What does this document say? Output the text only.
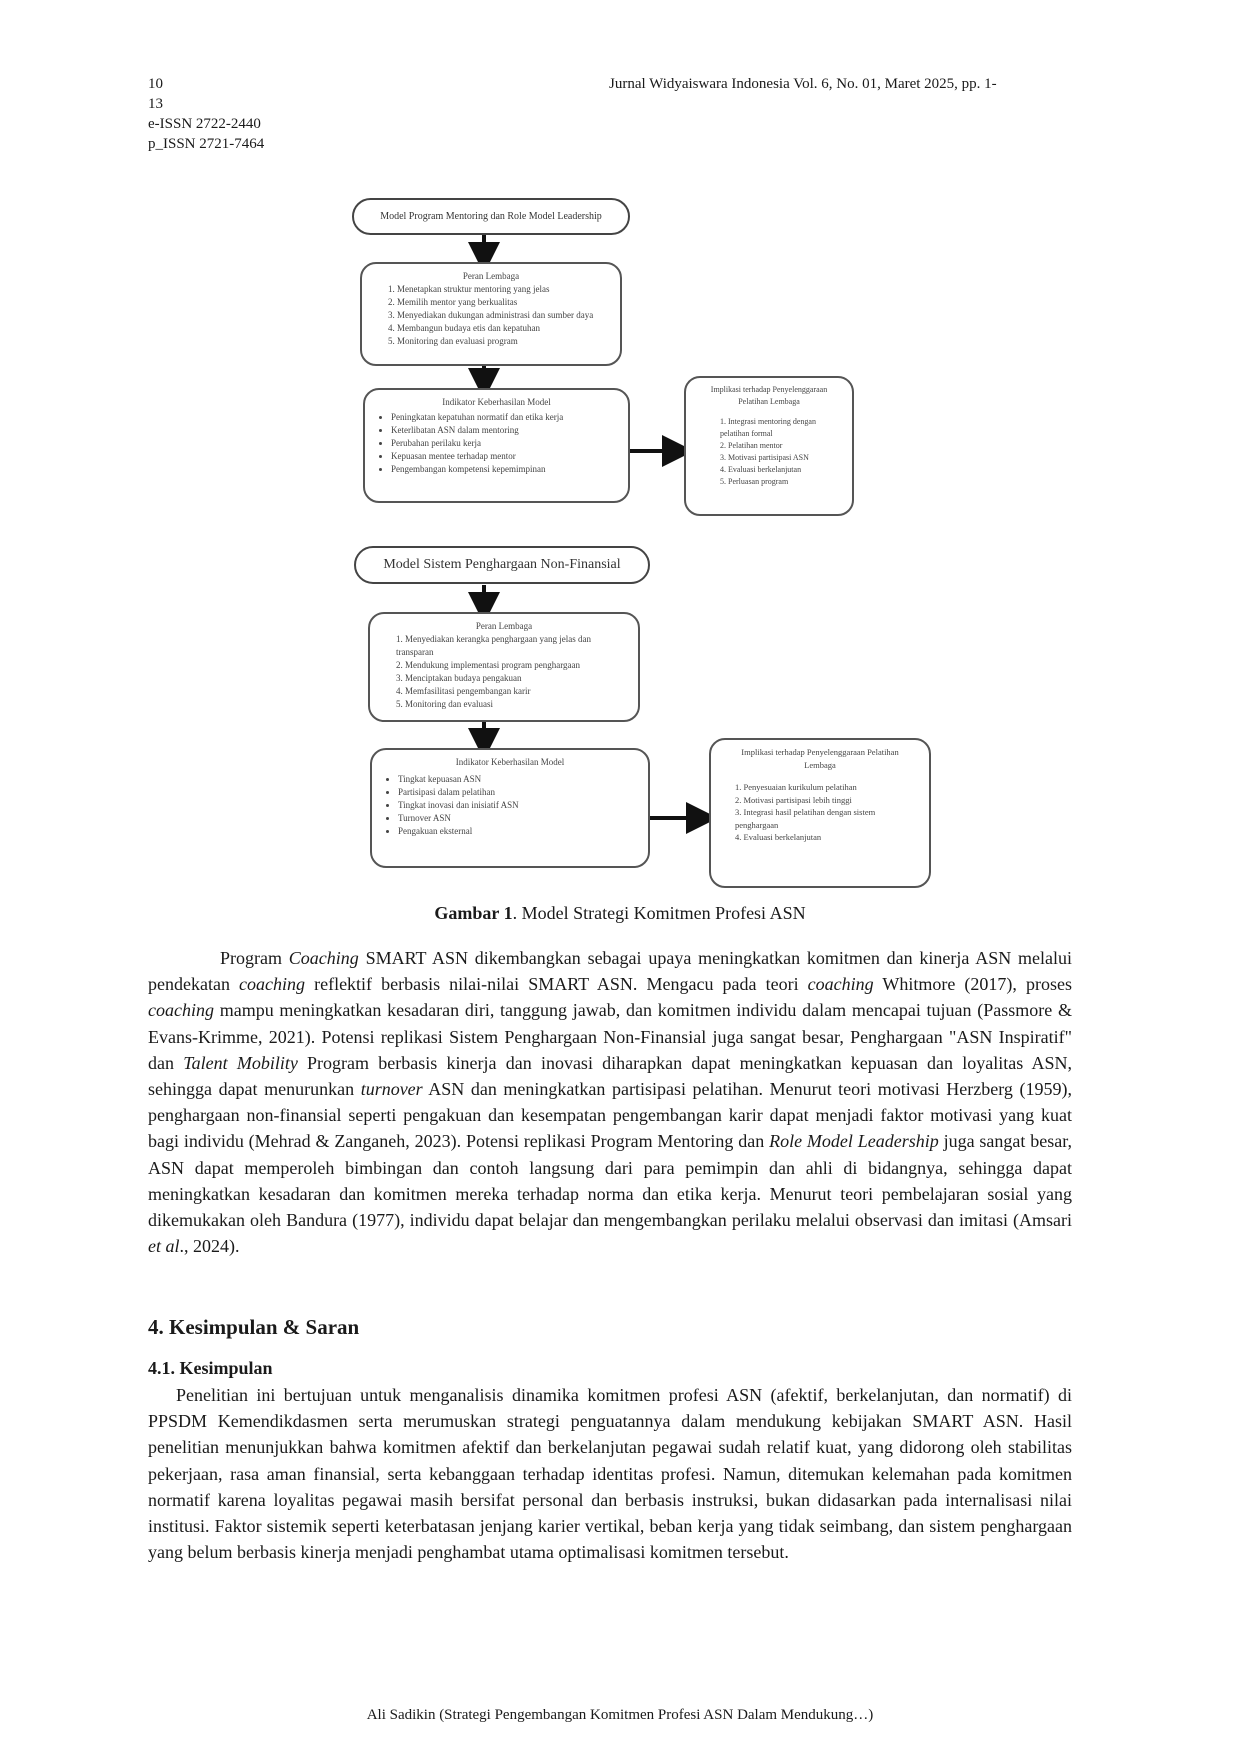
10
13
e-ISSN 2722-2440
p_ISSN 2721-7464
Jurnal Widyaiswara Indonesia Vol. 6, No. 01, Maret 2025, pp. 1-
Model Program Mentoring dan Role Model Leadership
Peran Lembaga
1. Menetapkan struktur mentoring yang jelas
2. Memilih mentor yang berkualitas
3. Menyediakan dukungan administrasi dan sumber daya
4. Membangun budaya etis dan kepatuhan
5. Monitoring dan evaluasi program
Indikator Keberhasilan Model
• Peningkatan kepatuhan normatif dan etika kerja
• Keterlibatan ASN dalam mentoring
• Perubahan perilaku kerja
• Kepuasan mentee terhadap mentor
• Pengembangan kompetensi kepemimpinan
Implikasi terhadap Penyelenggaraan Pelatihan Lembaga
1. Integrasi mentoring dengan pelatihan formal
2. Pelatihan mentor
3. Motivasi partisipasi ASN
4. Evaluasi berkelanjutan
5. Perluasan program
Model Sistem Penghargaan Non-Finansial
Peran Lembaga
1. Menyediakan kerangka penghargaan yang jelas dan transparan
2. Mendukung implementasi program penghargaan
3. Menciptakan budaya pengakuan
4. Memfasilitasi pengembangan karir
5. Monitoring dan evaluasi
Indikator Keberhasilan Model
• Tingkat kepuasan ASN
• Partisipasi dalam pelatihan
• Tingkat inovasi dan inisiatif ASN
• Turnover ASN
• Pengakuan eksternal
Implikasi terhadap Penyelenggaraan Pelatihan Lembaga
1. Penyesuaian kurikulum pelatihan
2. Motivasi partisipasi lebih tinggi
3. Integrasi hasil pelatihan dengan sistem penghargaan
4. Evaluasi berkelanjutan
Gambar 1. Model Strategi Komitmen Profesi ASN
Program Coaching SMART ASN dikembangkan sebagai upaya meningkatkan komitmen dan kinerja ASN melalui pendekatan coaching reflektif berbasis nilai-nilai SMART ASN. Mengacu pada teori coaching Whitmore (2017), proses coaching mampu meningkatkan kesadaran diri, tanggung jawab, dan komitmen individu dalam mencapai tujuan (Passmore & Evans-Krimme, 2021). Potensi replikasi Sistem Penghargaan Non-Finansial juga sangat besar, Penghargaan "ASN Inspiratif" dan Talent Mobility Program berbasis kinerja dan inovasi diharapkan dapat meningkatkan kepuasan dan loyalitas ASN, sehingga dapat menurunkan turnover ASN dan meningkatkan partisipasi pelatihan. Menurut teori motivasi Herzberg (1959), penghargaan non-finansial seperti pengakuan dan kesempatan pengembangan karir dapat menjadi faktor motivasi yang kuat bagi individu (Mehrad & Zanganeh, 2023). Potensi replikasi Program Mentoring dan Role Model Leadership juga sangat besar, ASN dapat memperoleh bimbingan dan contoh langsung dari para pemimpin dan ahli di bidangnya, sehingga dapat meningkatkan kesadaran dan komitmen mereka terhadap norma dan etika kerja. Menurut teori pembelajaran sosial yang dikemukakan oleh Bandura (1977), individu dapat belajar dan mengembangkan perilaku melalui observasi dan imitasi (Amsari et al., 2024).
4. Kesimpulan & Saran
4.1. Kesimpulan
Penelitian ini bertujuan untuk menganalisis dinamika komitmen profesi ASN (afektif, berkelanjutan, dan normatif) di PPSDM Kemendikdasmen serta merumuskan strategi penguatannya dalam mendukung kebijakan SMART ASN. Hasil penelitian menunjukkan bahwa komitmen afektif dan berkelanjutan pegawai sudah relatif kuat, yang didorong oleh stabilitas pekerjaan, rasa aman finansial, serta kebanggaan terhadap identitas profesi. Namun, ditemukan kelemahan pada komitmen normatif karena loyalitas pegawai masih bersifat personal dan berbasis instruksi, bukan didasarkan pada internalisasi nilai institusi. Faktor sistemik seperti keterbatasan jenjang karier vertikal, beban kerja yang tidak seimbang, dan sistem penghargaan yang belum berbasis kinerja menjadi penghambat utama optimalisasi komitmen tersebut.
Ali Sadikin (Strategi Pengembangan Komitmen Profesi ASN Dalam Mendukung…)
